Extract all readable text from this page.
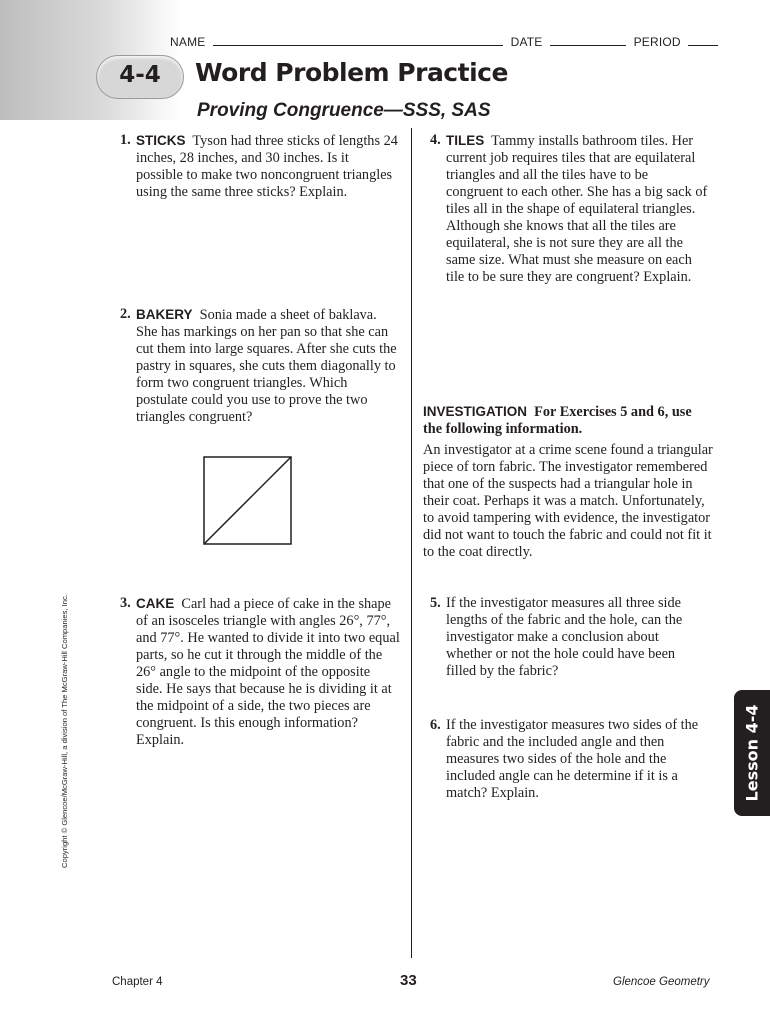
NAME	DATE	PERIOD
4-4	Word Problem Practice
Proving Congruence—SSS, SAS
1. STICKS Tyson had three sticks of lengths 24 inches, 28 inches, and 30 inches. Is it possible to make two noncongruent triangles using the same three sticks? Explain.
2. BAKERY Sonia made a sheet of baklava. She has markings on her pan so that she can cut them into large squares. After she cuts the pastry in squares, she cuts them diagonally to form two congruent triangles. Which postulate could you use to prove the two triangles congruent?
3. CAKE Carl had a piece of cake in the shape of an isosceles triangle with angles 26°, 77°, and 77°. He wanted to divide it into two equal parts, so he cut it through the middle of the 26° angle to the midpoint of the opposite side. He says that because he is dividing it at the midpoint of a side, the two pieces are congruent. Is this enough information? Explain.
4. TILES Tammy installs bathroom tiles. Her current job requires tiles that are equilateral triangles and all the tiles have to be congruent to each other. She has a big sack of tiles all in the shape of equilateral triangles. Although she knows that all the tiles are equilateral, she is not sure they are all the same size. What must she measure on each tile to be sure they are congruent? Explain.
INVESTIGATION For Exercises 5 and 6, use the following information.
An investigator at a crime scene found a triangular piece of torn fabric. The investigator remembered that one of the suspects had a triangular hole in their coat. Perhaps it was a match. Unfortunately, to avoid tampering with evidence, the investigator did not want to touch the fabric and could not fit it to the coat directly.
5. If the investigator measures all three side lengths of the fabric and the hole, can the investigator make a conclusion about whether or not the hole could have been filled by the fabric?
6. If the investigator measures two sides of the fabric and the included angle and then measures two sides of the hole and the included angle can he determine if it is a match? Explain.
Copyright © Glencoe/McGraw-Hill, a division of The McGraw-Hill Companies, Inc.	Lesson 4-4
Chapter 4	33	Glencoe Geometry
